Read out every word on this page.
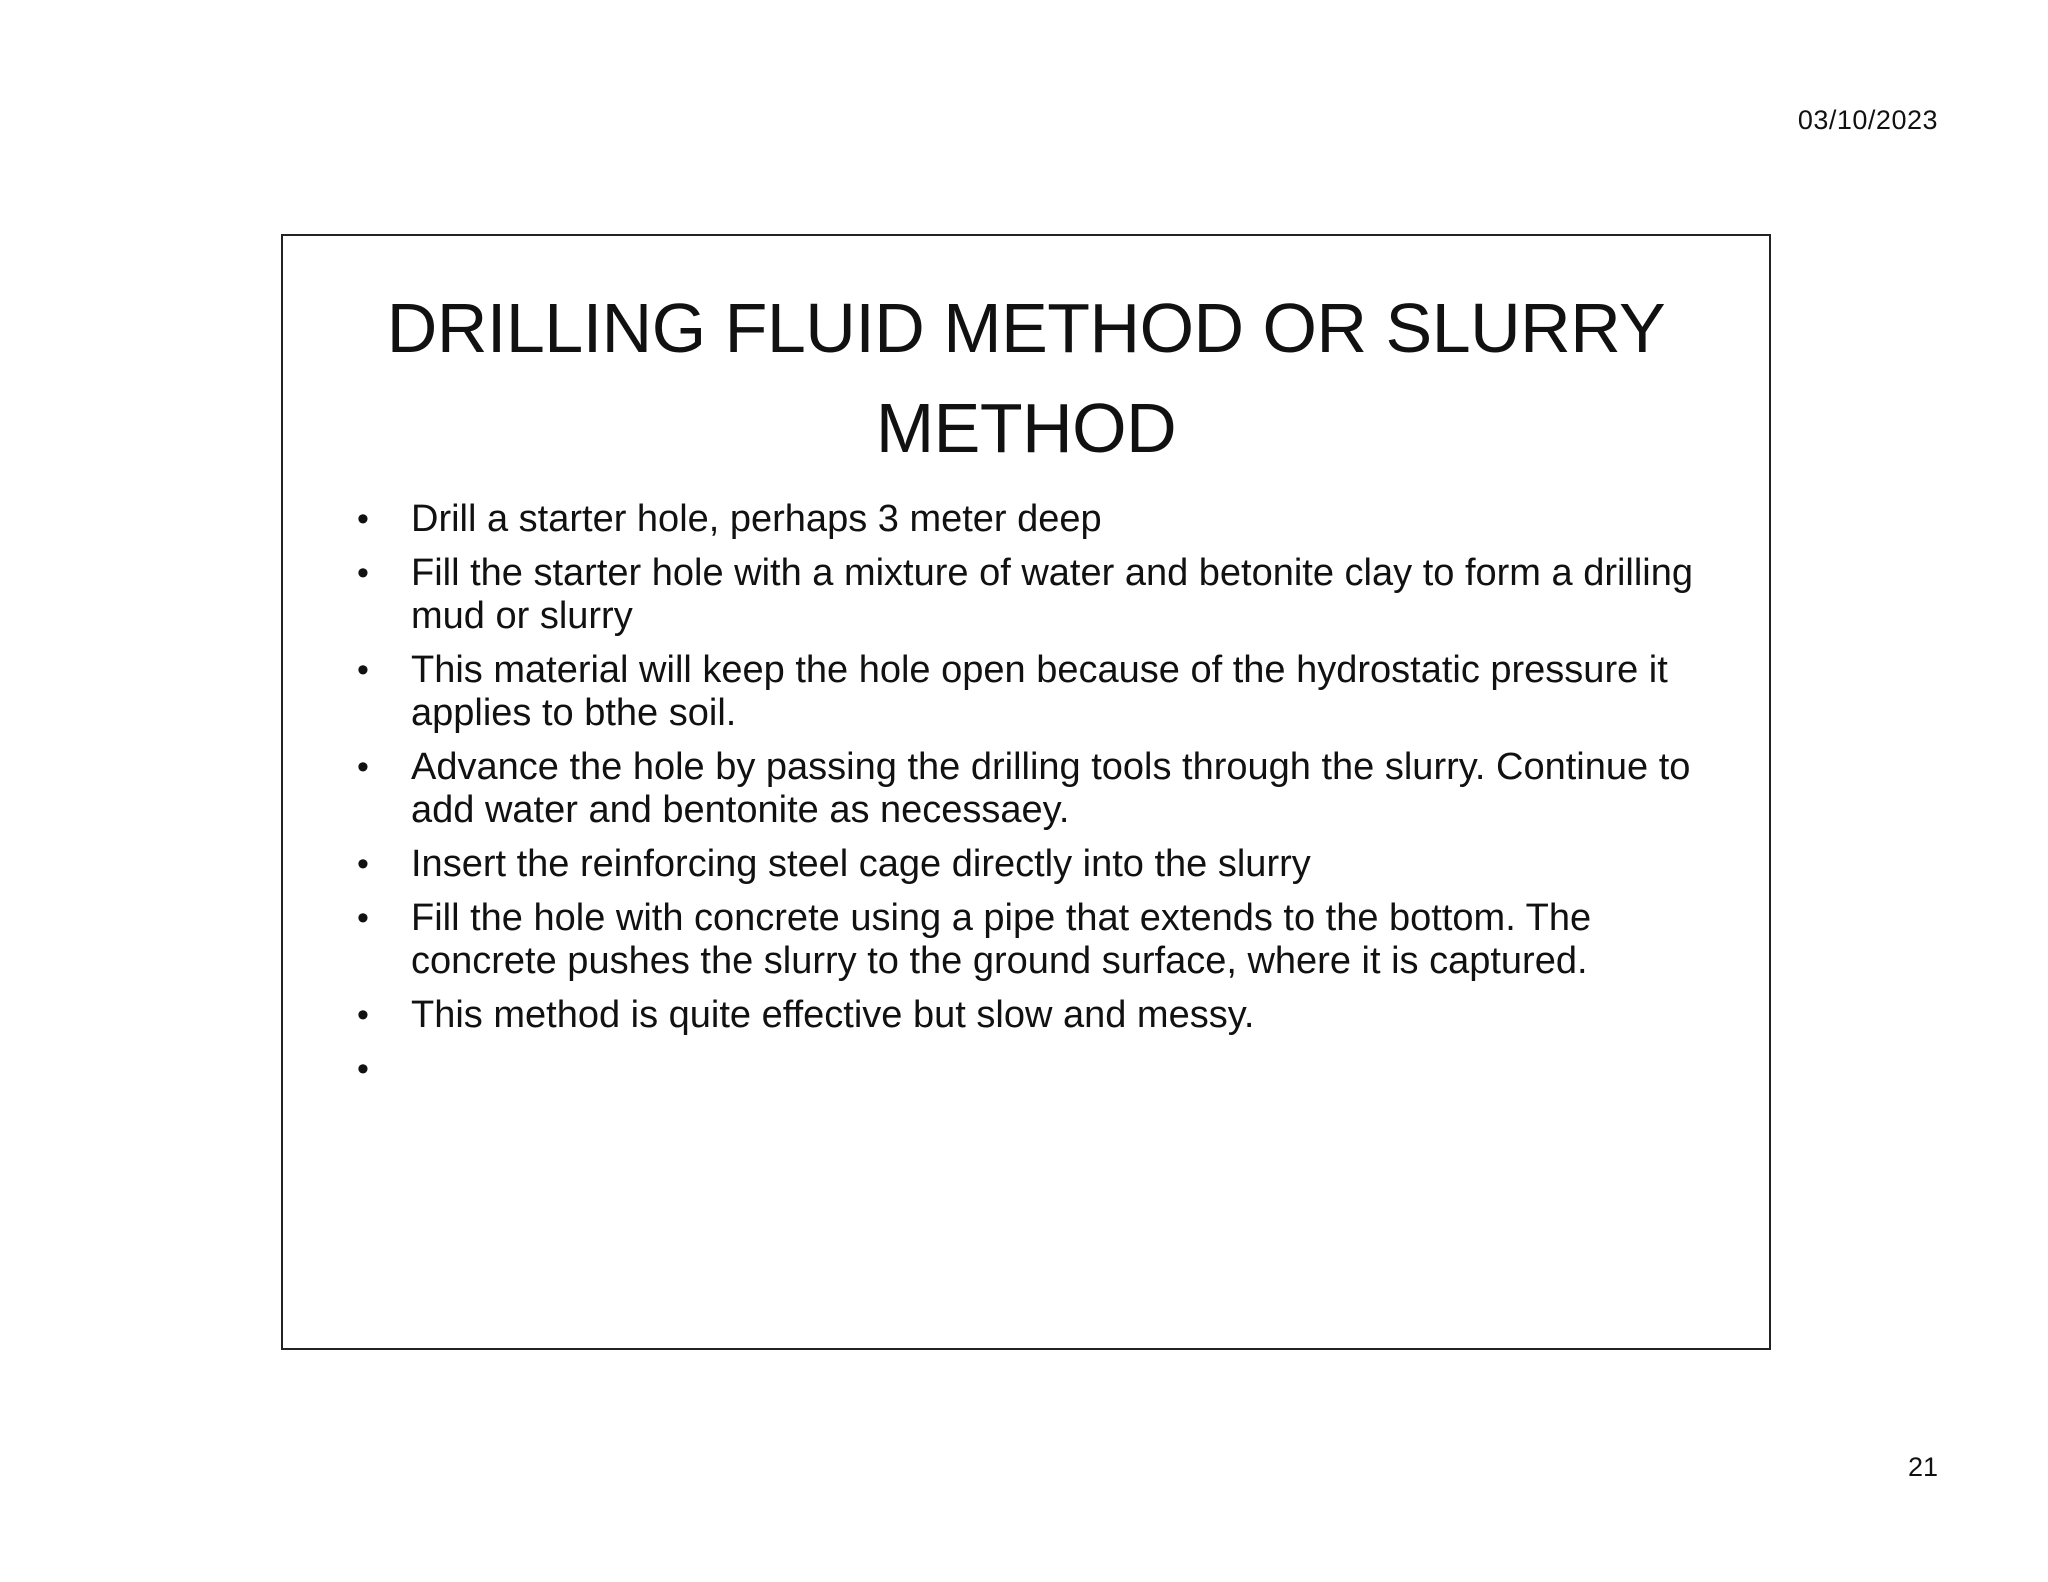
03/10/2023
DRILLING FLUID METHOD OR SLURRY METHOD
• Drill a starter hole, perhaps 3 meter deep
• Fill the starter hole with a mixture of water and betonite clay to form a drilling mud or slurry
• This material will keep the hole open because of the hydrostatic pressure it applies to bthe soil.
• Advance the hole by passing the drilling tools through the slurry. Continue to add water and bentonite as necessaey.
• Insert the reinforcing steel cage directly into the slurry
• Fill the hole with concrete using a pipe that extends to the bottom. The concrete pushes the slurry to the ground surface, where it is captured.
• This method is quite effective but slow and messy.
•
21
